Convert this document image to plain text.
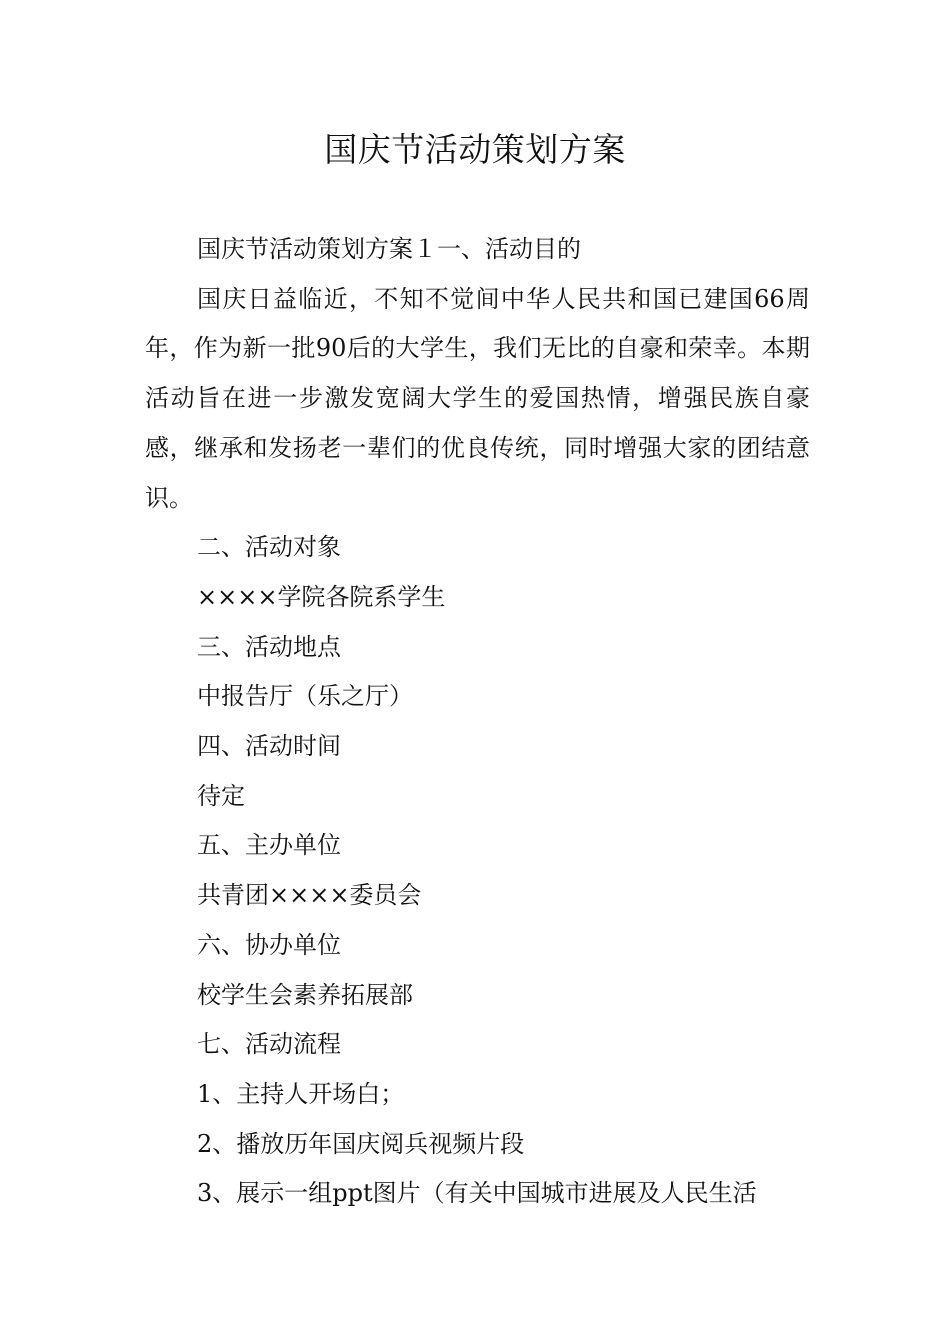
国庆节活动策划方案

国庆节活动策划方案１一、活动目的

国庆日益临近，不知不觉间中华人民共和国已建国66周年，作为新一批90后的大学生，我们无比的自豪和荣幸。本期活动旨在进一步激发宽阔大学生的爱国热情，增强民族自豪感，继承和发扬老一辈们的优良传统，同时增强大家的团结意识。

二、活动对象

××××学院各院系学生

三、活动地点

中报告厅（乐之厅）

四、活动时间

待定

五、主办单位

共青团××××委员会

六、协办单位

校学生会素养拓展部

七、活动流程

1、主持人开场白；

2、播放历年国庆阅兵视频片段

3、展示一组ppt图片（有关中国城市进展及人民生活
